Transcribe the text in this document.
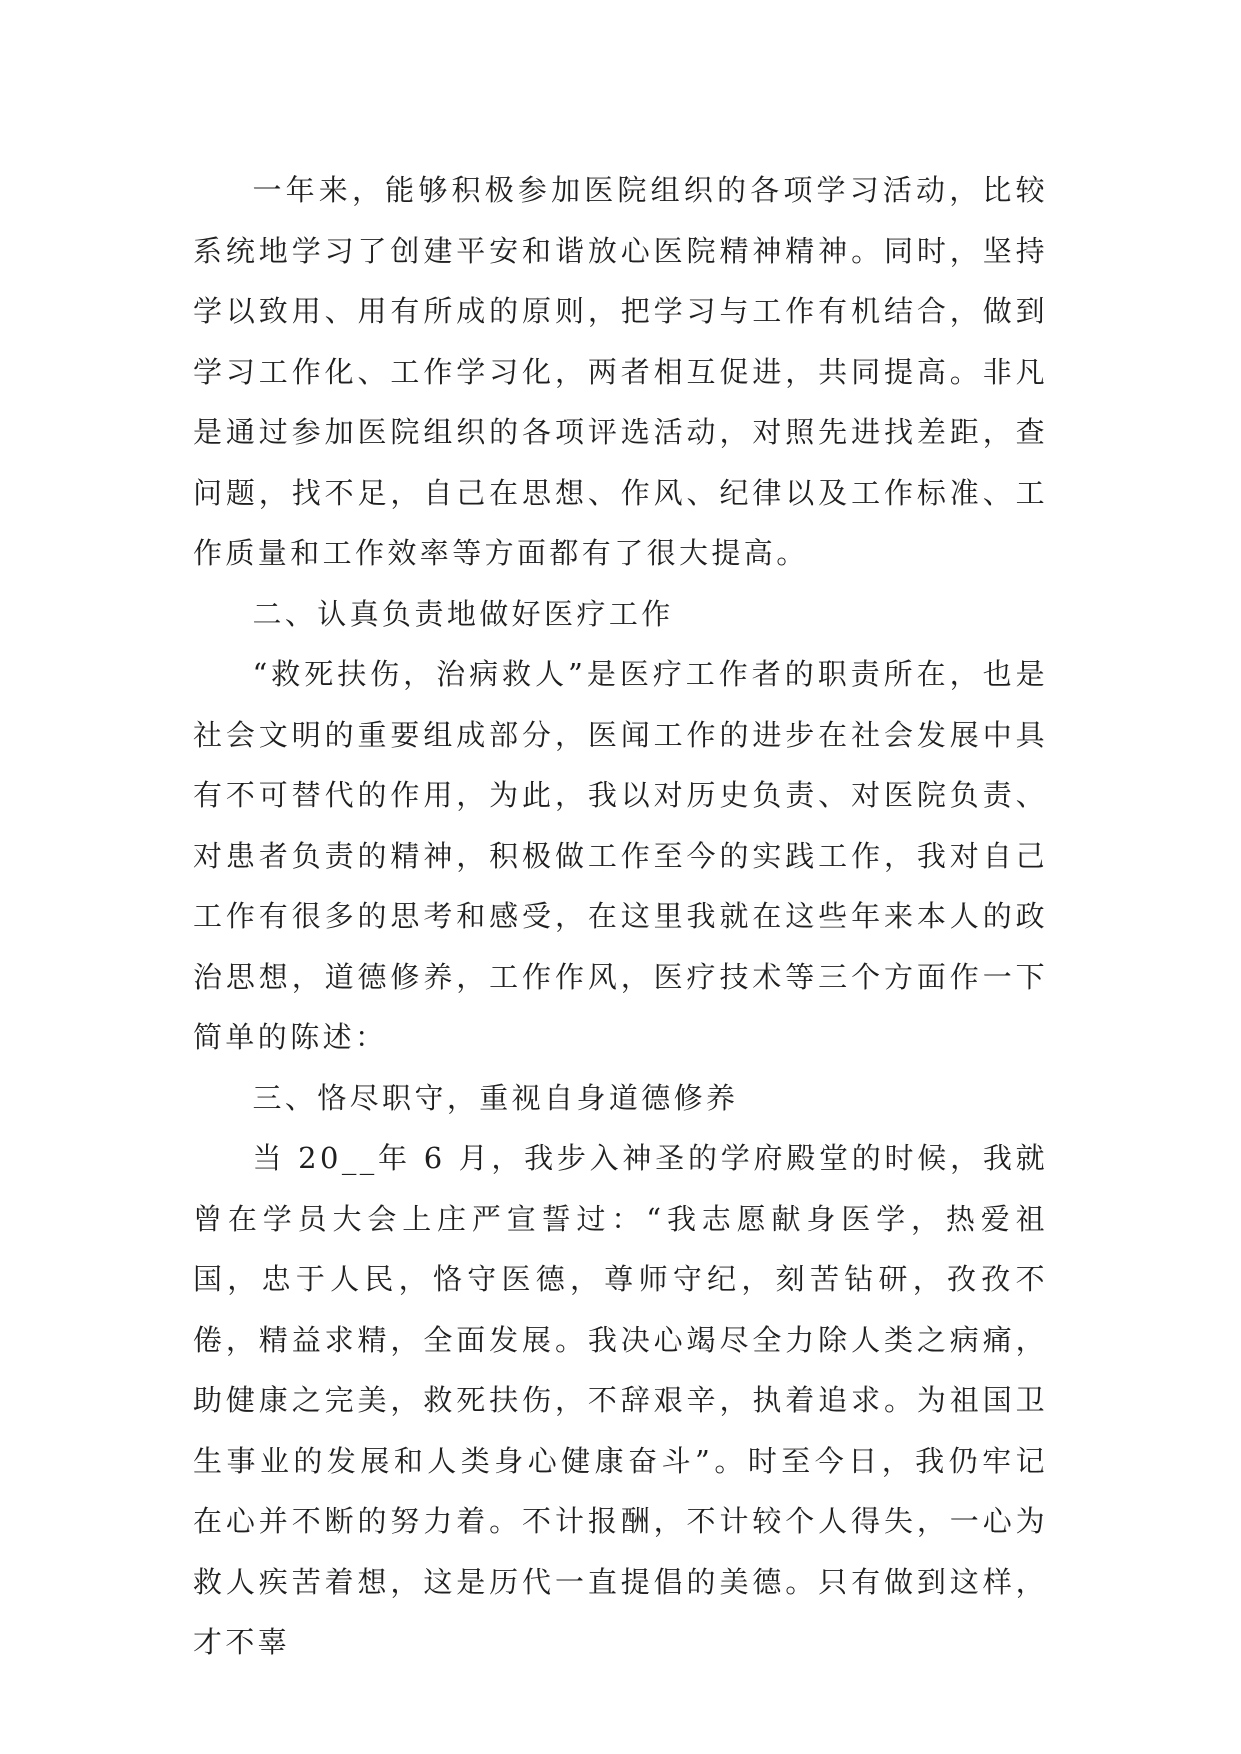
一年来，能够积极参加医院组织的各项学习活动，比较系统地学习了创建平安和谐放心医院精神精神。同时，坚持学以致用、用有所成的原则，把学习与工作有机结合，做到学习工作化、工作学习化，两者相互促进，共同提高。非凡是通过参加医院组织的各项评选活动，对照先进找差距，查问题，找不足，自己在思想、作风、纪律以及工作标准、工作质量和工作效率等方面都有了很大提高。

二、认真负责地做好医疗工作

“救死扶伤，治病救人”是医疗工作者的职责所在，也是社会文明的重要组成部分，医闻工作的进步在社会发展中具有不可替代的作用，为此，我以对历史负责、对医院负责、对患者负责的精神，积极做工作至今的实践工作，我对自己工作有很多的思考和感受，在这里我就在这些年来本人的政治思想，道德修养，工作作风，医疗技术等三个方面作一下简单的陈述：

三、恪尽职守，重视自身道德修养

当 20__年 6 月，我步入神圣的学府殿堂的时候，我就曾在学员大会上庄严宣誓过：“我志愿献身医学，热爱祖国，忠于人民，恪守医德，尊师守纪，刻苦钻研，孜孜不倦，精益求精，全面发展。我决心竭尽全力除人类之病痛，助健康之完美，救死扶伤，不辞艰辛，执着追求。为祖国卫生事业的发展和人类身心健康奋斗”。时至今日，我仍牢记在心并不断的努力着。不计报酬，不计较个人得失，一心为救人疾苦着想，这是历代一直提倡的美德。只有做到这样，才不辜
